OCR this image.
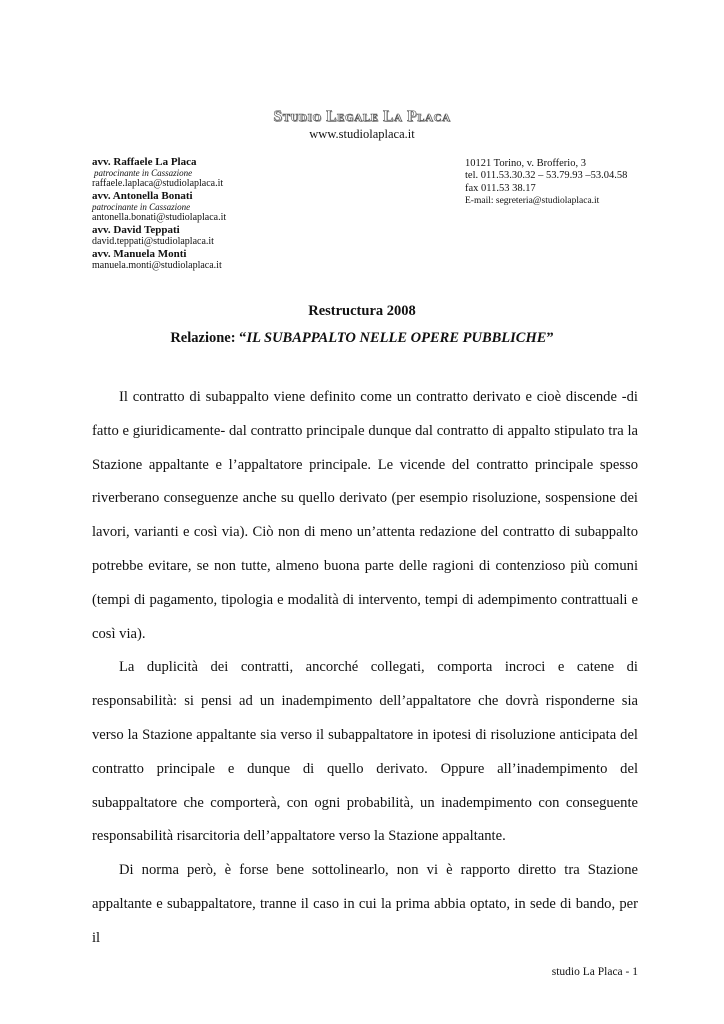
Studio Legale La Placa
www.studiolaplaca.it
avv. Raffaele La Placa
patrocinante in Cassazione
raffaele.laplaca@studiolaplaca.it
avv. Antonella Bonati
patrocinante in Cassazione
antonella.bonati@studiolaplaca.it
avv. David Teppati
david.teppati@studiolaplaca.it
avv. Manuela Monti
manuela.monti@studiolaplaca.it
10121 Torino, v. Brofferio, 3
tel. 011.53.30.32 – 53.79.93 –53.04.58
fax 011.53 38.17
E-mail: segreteria@studiolaplaca.it
Restructura 2008
Relazione: “IL SUBAPPALTO NELLE OPERE PUBBLICHE”

Il contratto di subappalto viene definito come un contratto derivato e cioè discende -di fatto e giuridicamente- dal contratto principale dunque dal contratto di appalto stipulato tra la Stazione appaltante e l’appaltatore principale. Le vicende del contratto principale spesso riverberano conseguenze anche su quello derivato (per esempio risoluzione, sospensione dei lavori, varianti e così via). Ciò non di meno un’attenta redazione del contratto di subappalto potrebbe evitare, se non tutte, almeno buona parte delle ragioni di contenzioso più comuni (tempi di pagamento, tipologia e modalità di intervento, tempi di adempimento contrattuali e così via).

La duplicità dei contratti, ancorché collegati, comporta incroci e catene di responsabilità: si pensi ad un inadempimento dell’appaltatore che dovrà risponderne sia verso la Stazione appaltante sia verso il subappaltatore in ipotesi di risoluzione anticipata del contratto principale e dunque di quello derivato. Oppure all’inadempimento del subappaltatore che comporterà, con ogni probabilità, un inadempimento con conseguente responsabilità risarcitoria dell’appaltatore verso la Stazione appaltante.

Di norma però, è forse bene sottolinearlo, non vi è rapporto diretto tra Stazione appaltante e subappaltatore, tranne il caso in cui la prima abbia optato, in sede di bando, per il

studio La Placa - 1
